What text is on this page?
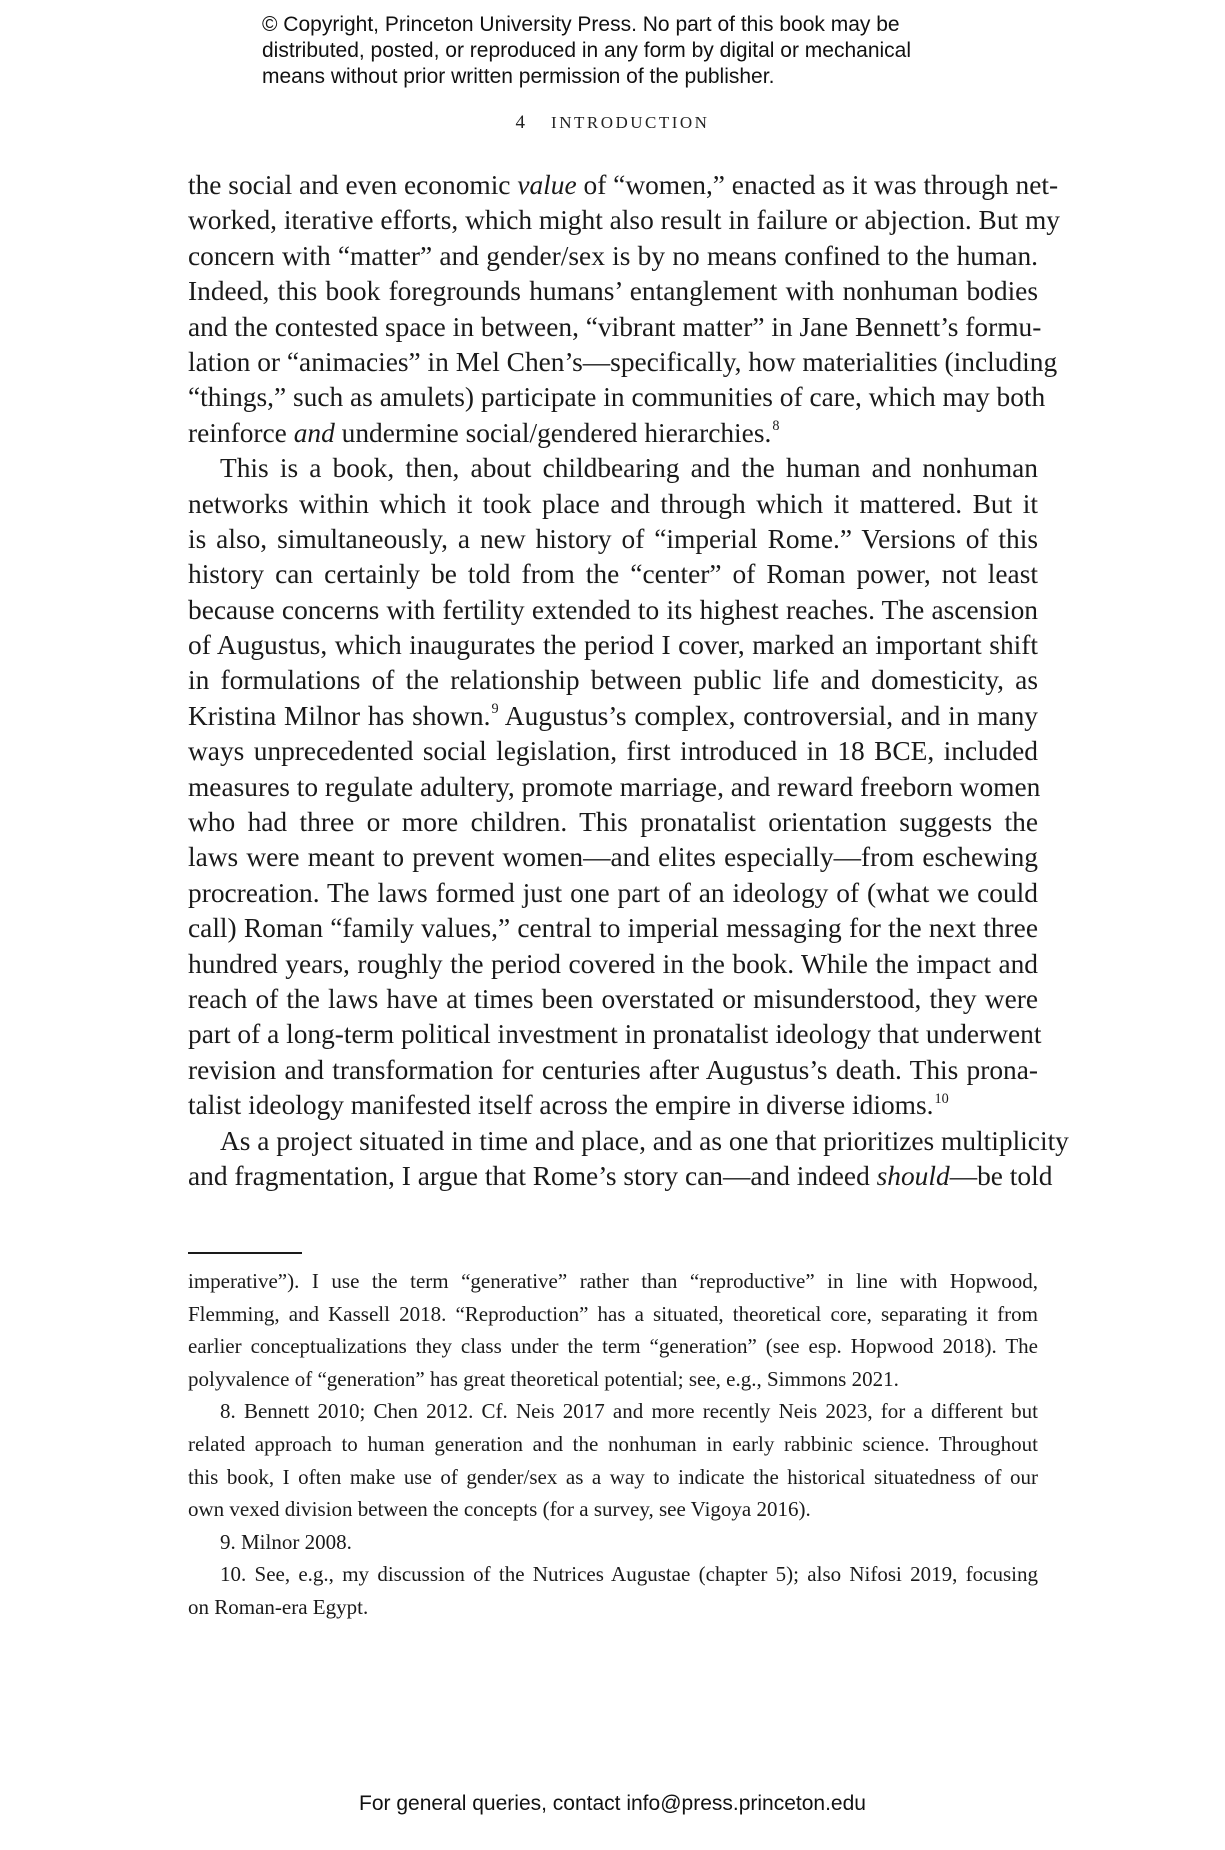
© Copyright, Princeton University Press. No part of this book may be
distributed, posted, or reproduced in any form by digital or mechanical
means without prior written permission of the publisher.
4 INTRODUCTION
the social and even economic value of “women,” enacted as it was through net-
worked, iterative efforts, which might also result in failure or abjection. But my
concern with “matter” and gender/sex is by no means confined to the human.
Indeed, this book foregrounds humans’ entanglement with nonhuman bodies
and the contested space in between, “vibrant matter” in Jane Bennett’s formu-
lation or “animacies” in Mel Chen’s—specifically, how materialities (including
“things,” such as amulets) participate in communities of care, which may both
reinforce and undermine social/gendered hierarchies.$^8$
This is a book, then, about childbearing and the human and nonhuman
networks within which it took place and through which it mattered. But it
is also, simultaneously, a new history of “imperial Rome.” Versions of this
history can certainly be told from the “center” of Roman power, not least
because concerns with fertility extended to its highest reaches. The ascension
of Augustus, which inaugurates the period I cover, marked an important shift
in formulations of the relationship between public life and domesticity, as
Kristina Milnor has shown.$^9$ Augustus’s complex, controversial, and in many
ways unprecedented social legislation, first introduced in 18 BCE, included
measures to regulate adultery, promote marriage, and reward freeborn women
who had three or more children. This pronatalist orientation suggests the
laws were meant to prevent women—and elites especially—from eschewing
procreation. The laws formed just one part of an ideology of (what we could
call) Roman “family values,” central to imperial messaging for the next three
hundred years, roughly the period covered in the book. While the impact and
reach of the laws have at times been overstated or misunderstood, they were
part of a long-term political investment in pronatalist ideology that underwent
revision and transformation for centuries after Augustus’s death. This prona-
talist ideology manifested itself across the empire in diverse idioms.$^{10}$
As a project situated in time and place, and as one that prioritizes multiplicity
and fragmentation, I argue that Rome’s story can—and indeed should—be told
imperative”). I use the term “generative” rather than “reproductive” in line with Hopwood,
Flemming, and Kassell 2018. “Reproduction” has a situated, theoretical core, separating it from
earlier conceptualizations they class under the term “generation” (see esp. Hopwood 2018). The
polyvalence of “generation” has great theoretical potential; see, e.g., Simmons 2021.
8. Bennett 2010; Chen 2012. Cf. Neis 2017 and more recently Neis 2023, for a different but
related approach to human generation and the nonhuman in early rabbinic science. Throughout
this book, I often make use of gender/sex as a way to indicate the historical situatedness of our
own vexed division between the concepts (for a survey, see Vigoya 2016).
9. Milnor 2008.
10. See, e.g., my discussion of the Nutrices Augustae (chapter 5); also Nifosi 2019, focusing
on Roman-era Egypt.
For general queries, contact info@press.princeton.edu
